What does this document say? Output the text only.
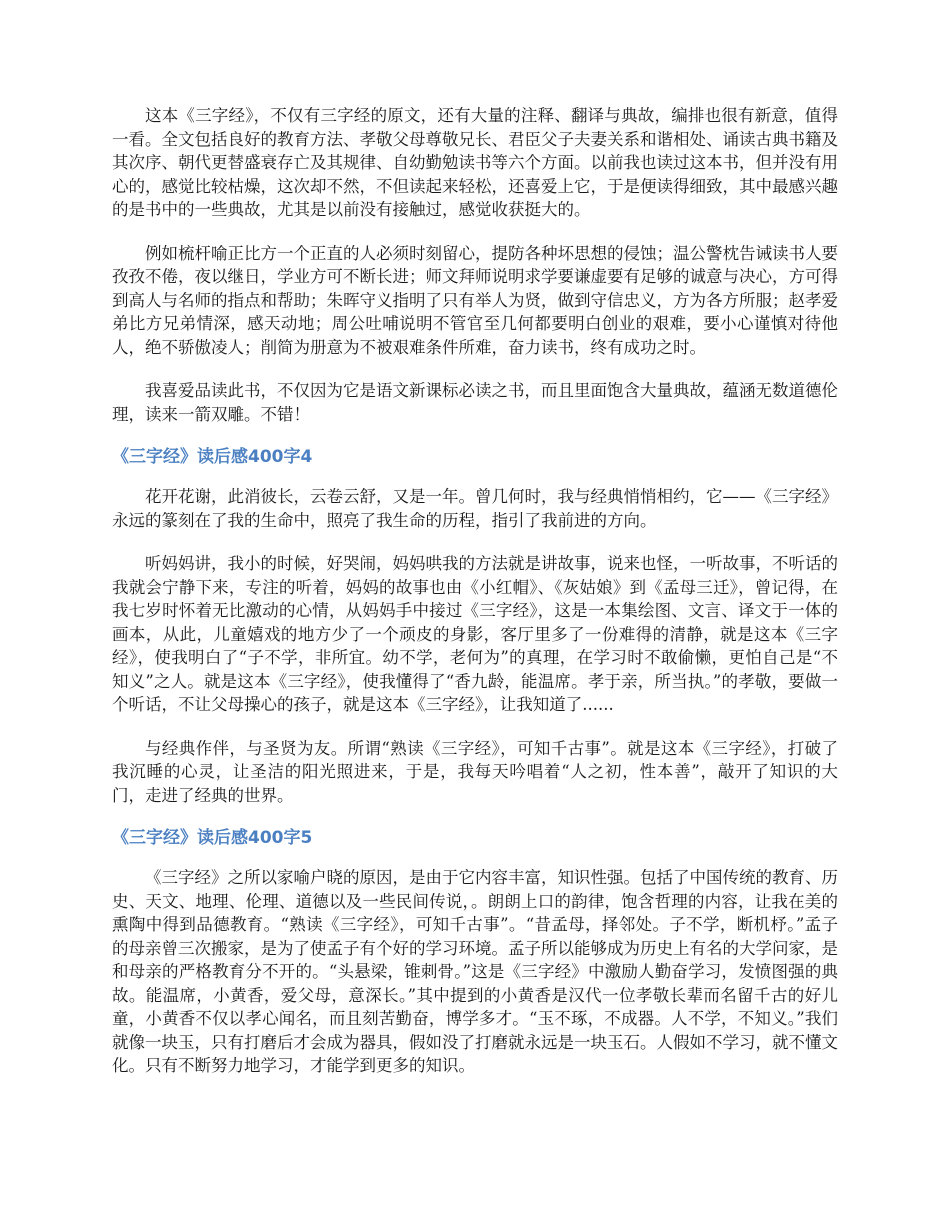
这本《三字经》，不仅有三字经的原文，还有大量的注释、翻译与典故，编排也很有新意，值得一看。全文包括良好的教育方法、孝敬父母尊敬兄长、君臣父子夫妻关系和谐相处、诵读古典书籍及其次序、朝代更替盛衰存亡及其规律、自幼勤勉读书等六个方面。以前我也读过这本书，但并没有用心的，感觉比较枯燥，这次却不然，不但读起来轻松，还喜爱上它，于是便读得细致，其中最感兴趣的是书中的一些典故，尤其是以前没有接触过，感觉收获挺大的。

例如梳杆喻正比方一个正直的人必须时刻留心，提防各种坏思想的侵蚀；温公警枕告诫读书人要孜孜不倦，夜以继日，学业方可不断长进；师文拜师说明求学要谦虚要有足够的诚意与决心，方可得到高人与名师的指点和帮助；朱晖守义指明了只有举人为贤，做到守信忠义，方为各方所服；赵孝爱弟比方兄弟情深，感天动地；周公吐哺说明不管官至几何都要明白创业的艰难，要小心谨慎对待他人，绝不骄傲凌人；削简为册意为不被艰难条件所难，奋力读书，终有成功之时。

我喜爱品读此书，不仅因为它是语文新课标必读之书，而且里面饱含大量典故，蕴涵无数道德伦理，读来一箭双雕。不错！

《三字经》读后感400字4

花开花谢，此消彼长，云卷云舒，又是一年。曾几何时，我与经典悄悄相约，它——《三字经》永远的篆刻在了我的生命中，照亮了我生命的历程，指引了我前进的方向。

听妈妈讲，我小的时候，好哭闹，妈妈哄我的方法就是讲故事，说来也怪，一听故事，不听话的我就会宁静下来，专注的听着，妈妈的故事也由《小红帽》、《灰姑娘》到《孟母三迁》，曾记得，在我七岁时怀着无比激动的心情，从妈妈手中接过《三字经》，这是一本集绘图、文言、译文于一体的画本，从此，儿童嬉戏的地方少了一个顽皮的身影，客厅里多了一份难得的清静，就是这本《三字经》，使我明白了“子不学，非所宜。幼不学，老何为”的真理，在学习时不敢偷懒，更怕自己是“不知义”之人。就是这本《三字经》，使我懂得了“香九龄，能温席。孝于亲，所当执。”的孝敬，要做一个听话，不让父母操心的孩子，就是这本《三字经》，让我知道了......

与经典作伴，与圣贤为友。所谓“熟读《三字经》，可知千古事”。就是这本《三字经》，打破了我沉睡的心灵，让圣洁的阳光照进来，于是，我每天吟唱着“人之初，性本善”，敲开了知识的大门，走进了经典的世界。

《三字经》读后感400字5

《三字经》之所以家喻户晓的原因，是由于它内容丰富，知识性强。包括了中国传统的教育、历史、天文、地理、伦理、道德以及一些民间传说，。朗朗上口的韵律，饱含哲理的内容，让我在美的熏陶中得到品德教育。“熟读《三字经》，可知千古事”。“昔孟母，择邻处。子不学，断机杼。”孟子的母亲曾三次搬家，是为了使孟子有个好的学习环境。孟子所以能够成为历史上有名的大学问家，是和母亲的严格教育分不开的。“头悬梁，锥刺骨。”这是《三字经》中激励人勤奋学习，发愤图强的典故。能温席，小黄香，爱父母，意深长。”其中提到的小黄香是汉代一位孝敬长辈而名留千古的好儿童，小黄香不仅以孝心闻名，而且刻苦勤奋，博学多才。“玉不琢，不成器。人不学，不知义。”我们就像一块玉，只有打磨后才会成为器具，假如没了打磨就永远是一块玉石。人假如不学习，就不懂文化。只有不断努力地学习，才能学到更多的知识。
